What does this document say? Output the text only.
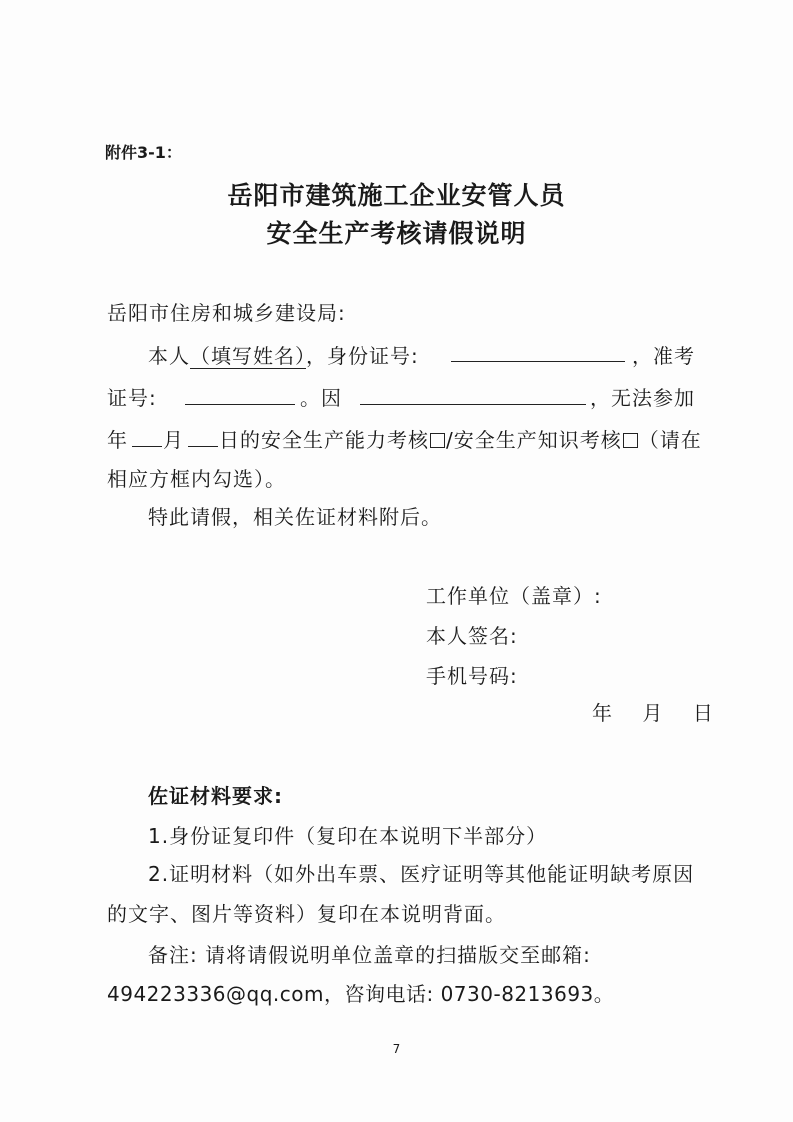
附件3-1：
岳阳市建筑施工企业安管人员
安全生产考核请假说明
岳阳市住房和城乡建设局:
本人（填写姓名），身份证号:	，准考
证号:	。因	，无法参加
年 月 日的安全生产能力考核 /安全生产知识考核 （请在
相应方框内勾选）。
特此请假，相关佐证材料附后。
工作单位（盖章）:
本人签名:
手机号码:
年    月    日
佐证材料要求:
1.身份证复印件（复印在本说明下半部分）
2.证明材料（如外出车票、医疗证明等其他能证明缺考原因
的文字、图片等资料）复印在本说明背面。
备注: 请将请假说明单位盖章的扫描版交至邮箱:
494223336@qq.com，咨询电话: 0730-8213693。
7
